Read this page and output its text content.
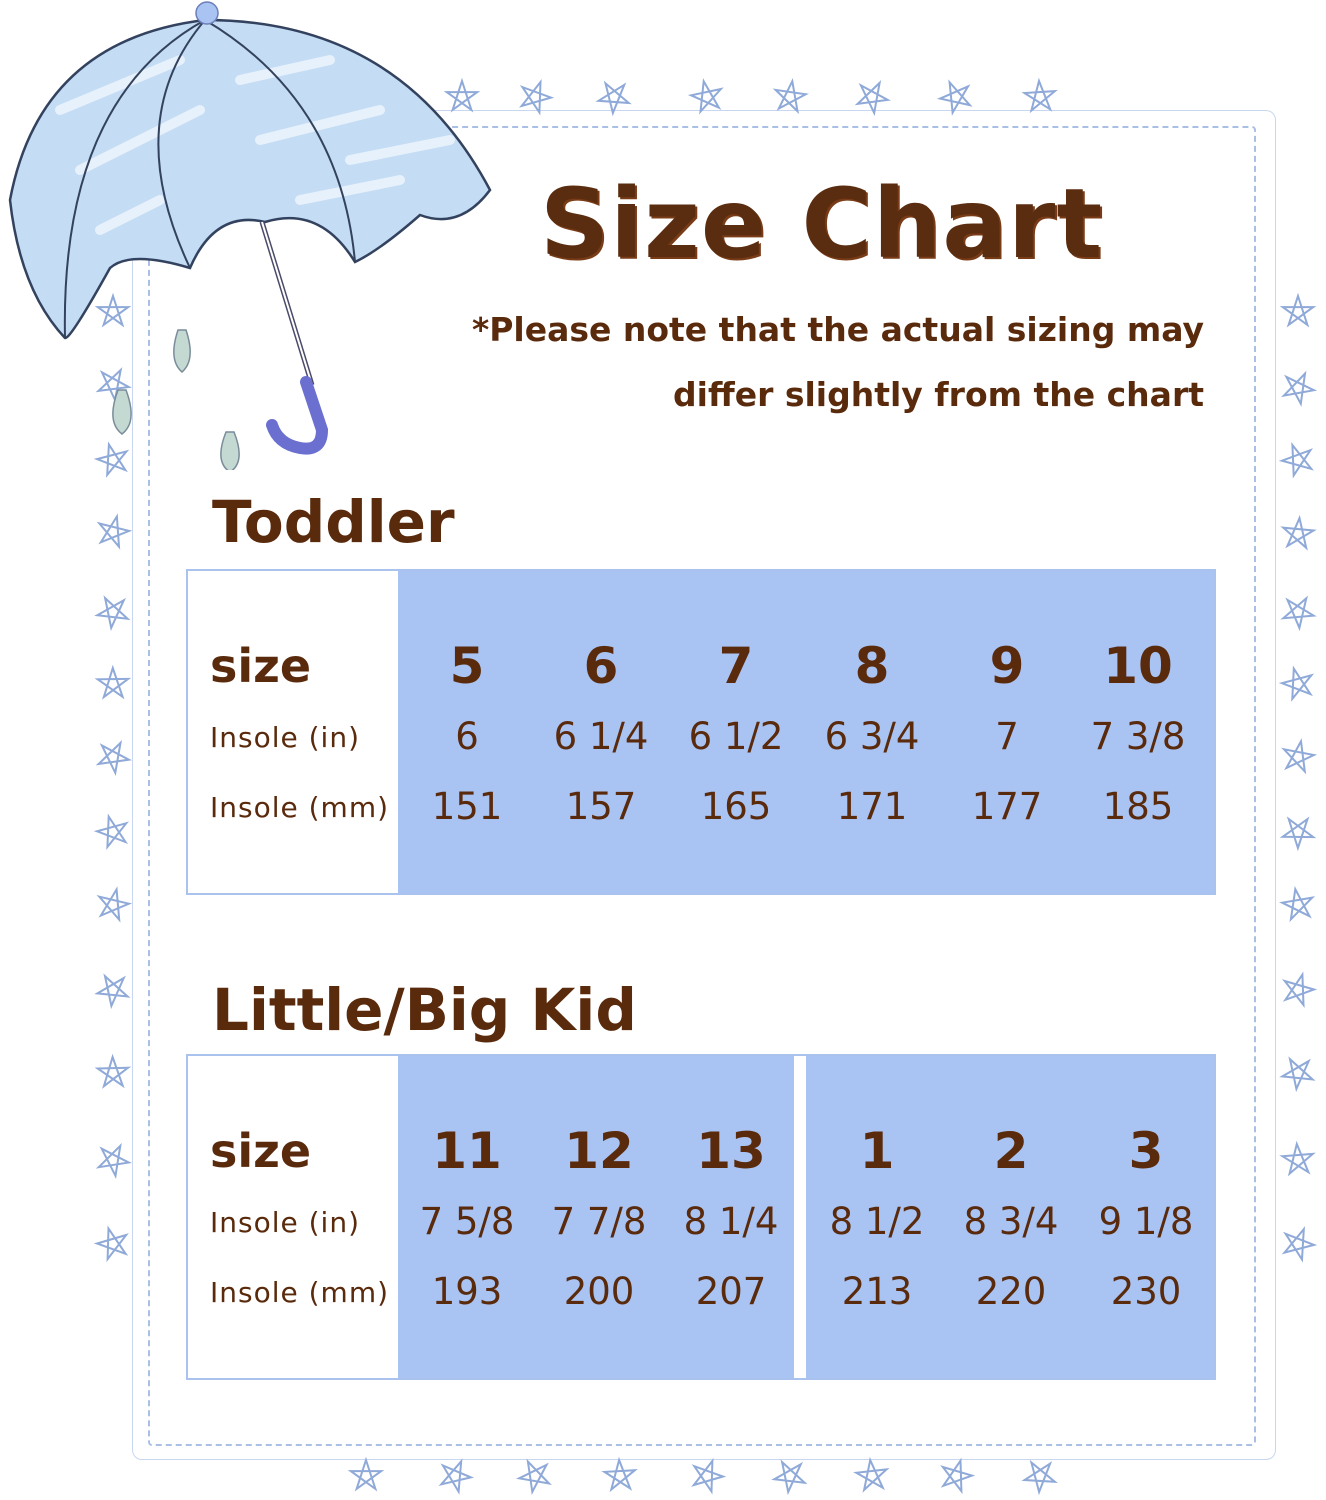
Size Chart
*Please note that the actual sizing may
differ slightly from the chart
Toddler
size
Insole (in)
Insole (mm)
5
6
151
6
6 1/4
157
7
6 1/2
165
8
6 3/4
171
9
7
177
10
7 3/8
185
Little/Big Kid
size
Insole (in)
Insole (mm)
11
7 5/8
193
12
7 7/8
200
13
8 1/4
207
1
8 1/2
213
2
8 3/4
220
3
9 1/8
230
